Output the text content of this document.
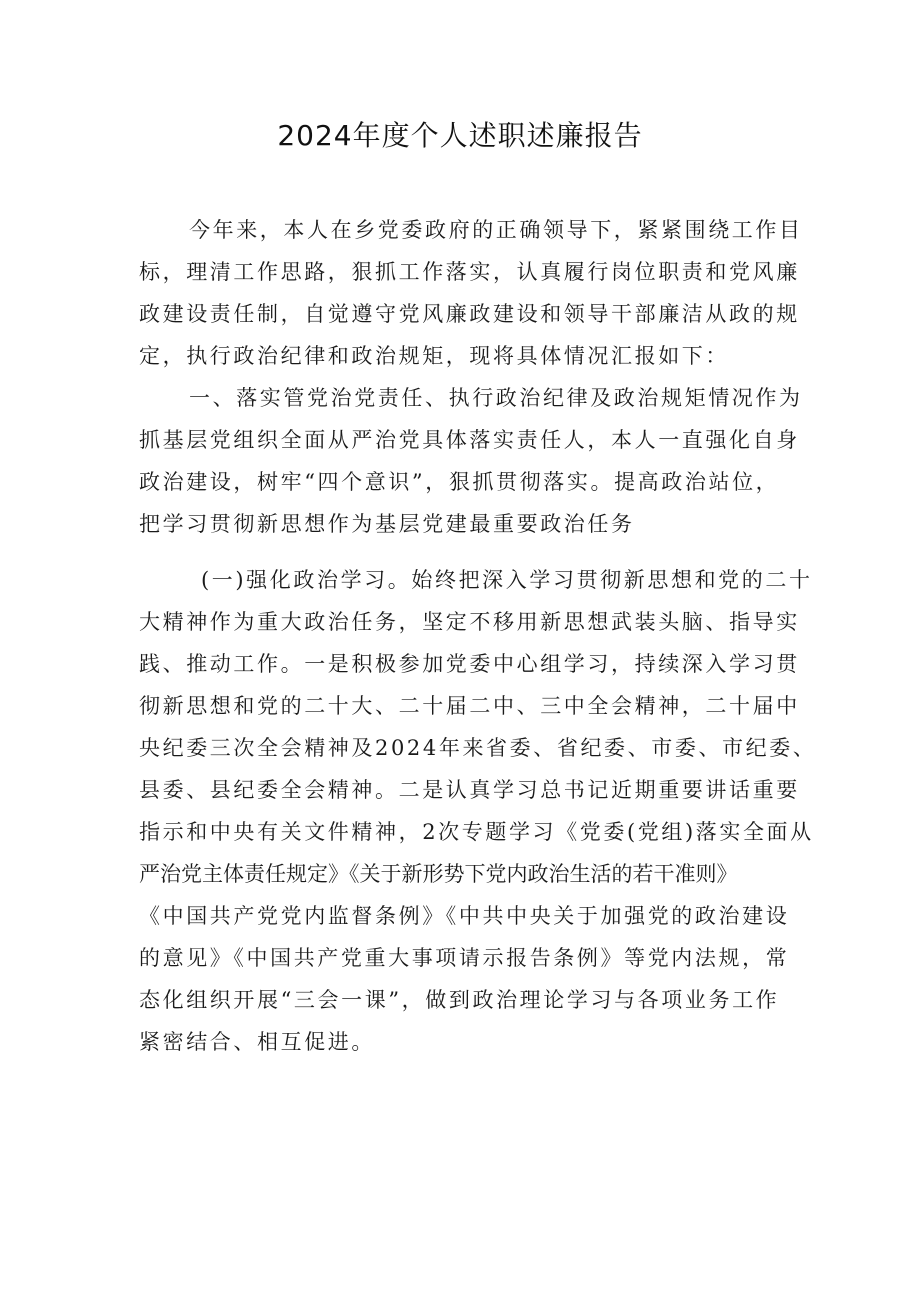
2024年度个人述职述廉报告
今年来，本人在乡党委政府的正确领导下，紧紧围绕工作目
标，理清工作思路，狠抓工作落实，认真履行岗位职责和党风廉
政建设责任制，自觉遵守党风廉政建设和领导干部廉洁从政的规
定，执行政治纪律和政治规矩，现将具体情况汇报如下：
一、落实管党治党责任、执行政治纪律及政治规矩情况作为
抓基层党组织全面从严治党具体落实责任人，本人一直强化自身
政治建设，树牢“四个意识”，狠抓贯彻落实。提高政治站位，
把学习贯彻新思想作为基层党建最重要政治任务
(一)强化政治学习。始终把深入学习贯彻新思想和党的二十
大精神作为重大政治任务，坚定不移用新思想武装头脑、指导实
践、推动工作。一是积极参加党委中心组学习，持续深入学习贯
彻新思想和党的二十大、二十届二中、三中全会精神，二十届中
央纪委三次全会精神及2024年来省委、省纪委、市委、市纪委、
县委、县纪委全会精神。二是认真学习总书记近期重要讲话重要
指示和中央有关文件精神，2次专题学习《党委(党组)落实全面从
严治党主体责任规定》《关于新形势下党内政治生活的若干准则》
《中国共产党党内监督条例》《中共中央关于加强党的政治建设
的意见》《中国共产党重大事项请示报告条例》等党内法规，常
态化组织开展“三会一课”，做到政治理论学习与各项业务工作
紧密结合、相互促进。
